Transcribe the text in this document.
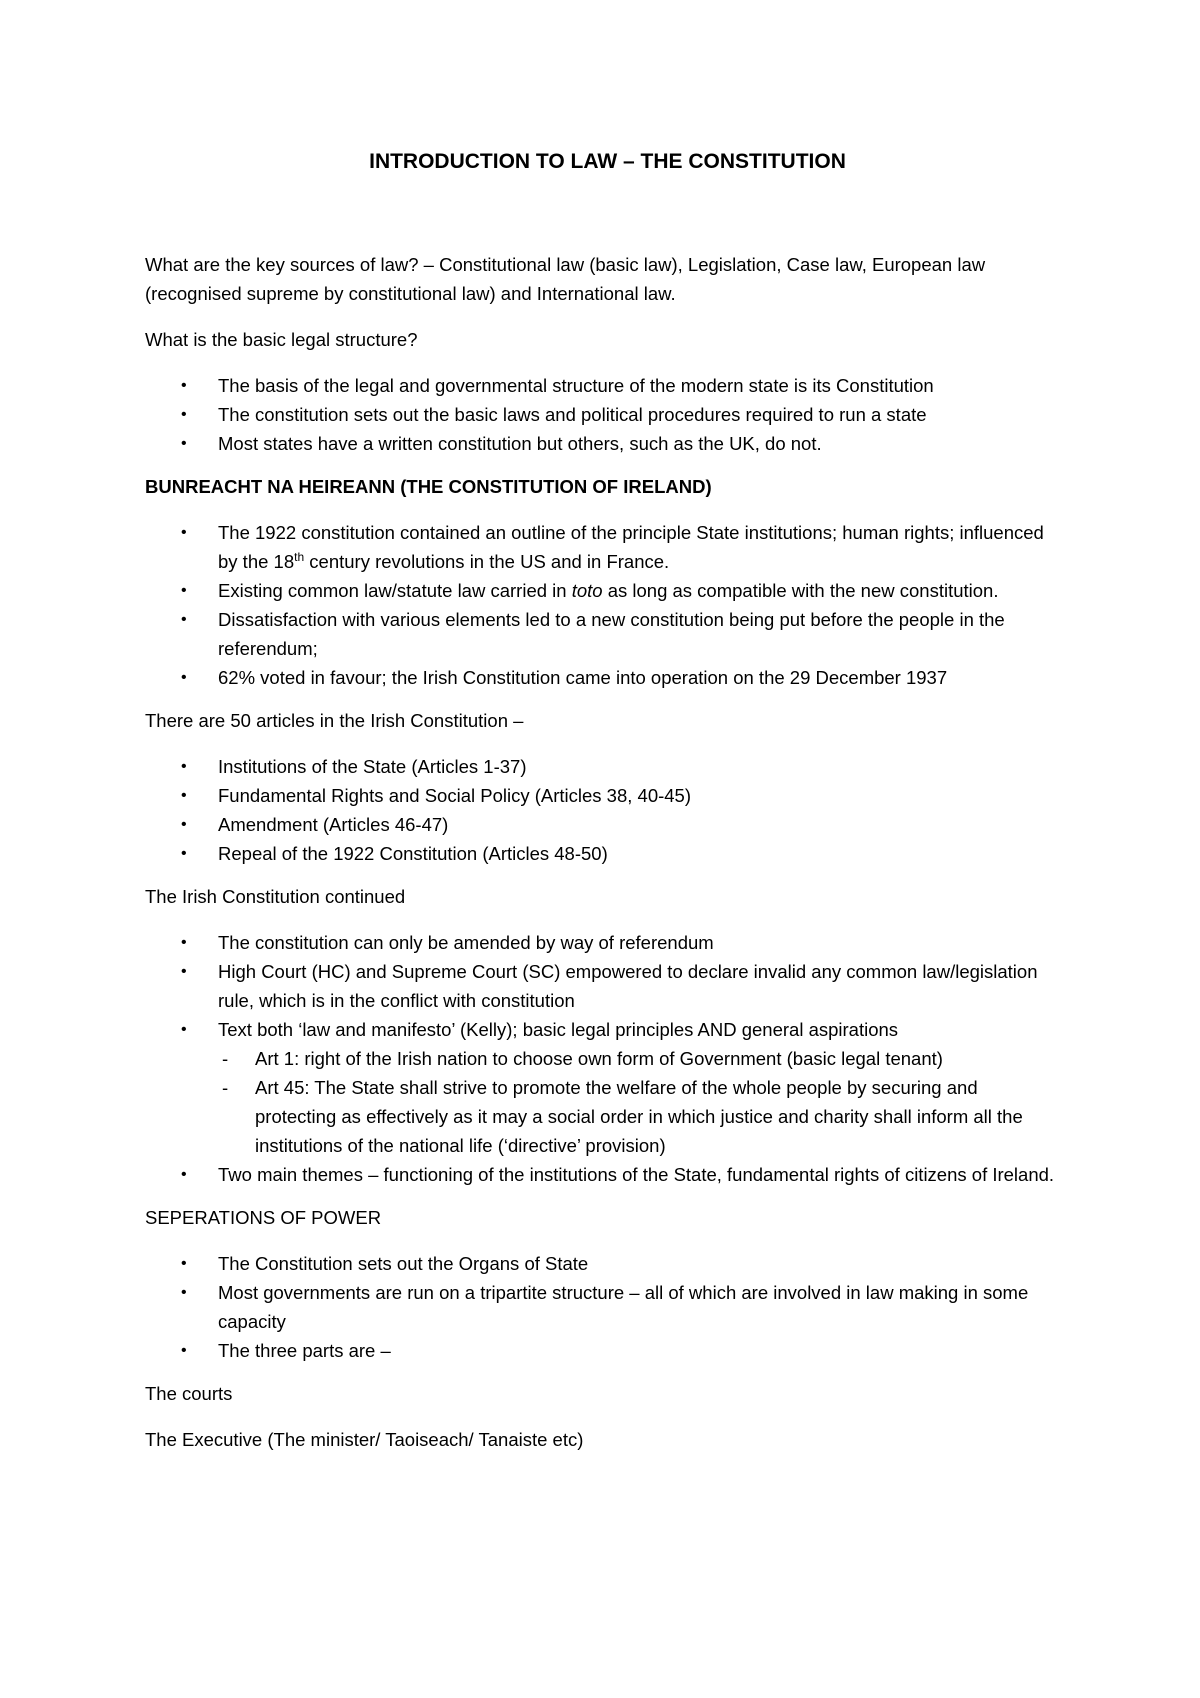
INTRODUCTION TO LAW – THE CONSTITUTION

What are the key sources of law? – Constitutional law (basic law), Legislation, Case law, European law (recognised supreme by constitutional law) and International law.

What is the basic legal structure?

• The basis of the legal and governmental structure of the modern state is its Constitution
• The constitution sets out the basic laws and political procedures required to run a state
• Most states have a written constitution but others, such as the UK, do not.

BUNREACHT NA HEIREANN (THE CONSTITUTION OF IRELAND)

• The 1922 constitution contained an outline of the principle State institutions; human rights; influenced by the 18th century revolutions in the US and in France.
• Existing common law/statute law carried in toto as long as compatible with the new constitution.
• Dissatisfaction with various elements led to a new constitution being put before the people in the referendum;
• 62% voted in favour; the Irish Constitution came into operation on the 29 December 1937

There are 50 articles in the Irish Constitution –

• Institutions of the State (Articles 1-37)
• Fundamental Rights and Social Policy (Articles 38, 40-45)
• Amendment (Articles 46-47)
• Repeal of the 1922 Constitution (Articles 48-50)

The Irish Constitution continued

• The constitution can only be amended by way of referendum
• High Court (HC) and Supreme Court (SC) empowered to declare invalid any common law/legislation rule, which is in the conflict with constitution
• Text both ‘law and manifesto’ (Kelly); basic legal principles AND general aspirations
- Art 1: right of the Irish nation to choose own form of Government (basic legal tenant)
- Art 45: The State shall strive to promote the welfare of the whole people by securing and protecting as effectively as it may a social order in which justice and charity shall inform all the institutions of the national life (‘directive’ provision)
• Two main themes – functioning of the institutions of the State, fundamental rights of citizens of Ireland.

SEPERATIONS OF POWER

• The Constitution sets out the Organs of State
• Most governments are run on a tripartite structure – all of which are involved in law making in some capacity
• The three parts are –

The courts

The Executive (The minister/ Taoiseach/ Tanaiste etc)
